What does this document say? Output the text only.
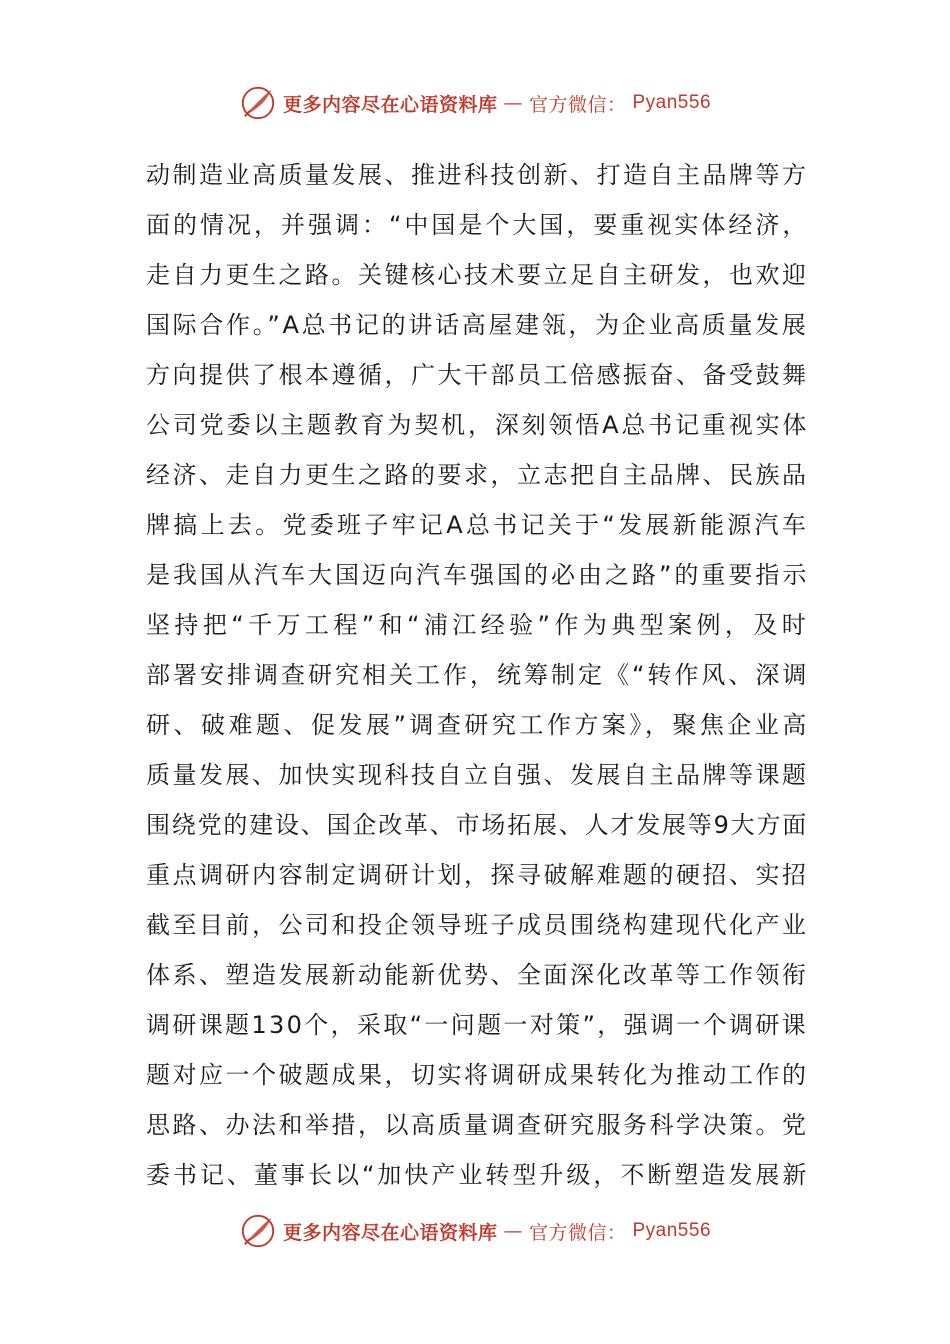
更多内容尽在心语资料库 — 官方微信： Pyan556
动制造业高质量发展、推进科技创新、打造自主品牌等方
面的情况，并强调：“中国是个大国，要重视实体经济，
走自力更生之路。关键核心技术要立足自主研发，也欢迎
国际合作。”A总书记的讲话高屋建瓴，为企业高质量发展
方向提供了根本遵循，广大干部员工倍感振奋、备受鼓舞
公司党委以主题教育为契机，深刻领悟A总书记重视实体
经济、走自力更生之路的要求，立志把自主品牌、民族品
牌搞上去。党委班子牢记A总书记关于“发展新能源汽车
是我国从汽车大国迈向汽车强国的必由之路”的重要指示
坚持把“千万工程”和“浦江经验”作为典型案例，及时
部署安排调查研究相关工作，统筹制定《“转作风、深调
研、破难题、促发展”调查研究工作方案》，聚焦企业高
质量发展、加快实现科技自立自强、发展自主品牌等课题
围绕党的建设、国企改革、市场拓展、人才发展等9大方面
重点调研内容制定调研计划，探寻破解难题的硬招、实招
截至目前，公司和投企领导班子成员围绕构建现代化产业
体系、塑造发展新动能新优势、全面深化改革等工作领衔
调研课题130个，采取“一问题一对策”，强调一个调研课
题对应一个破题成果，切实将调研成果转化为推动工作的
思路、办法和举措，以高质量调查研究服务科学决策。党
委书记、董事长以“加快产业转型升级，不断塑造发展新
更多内容尽在心语资料库 — 官方微信： Pyan556
